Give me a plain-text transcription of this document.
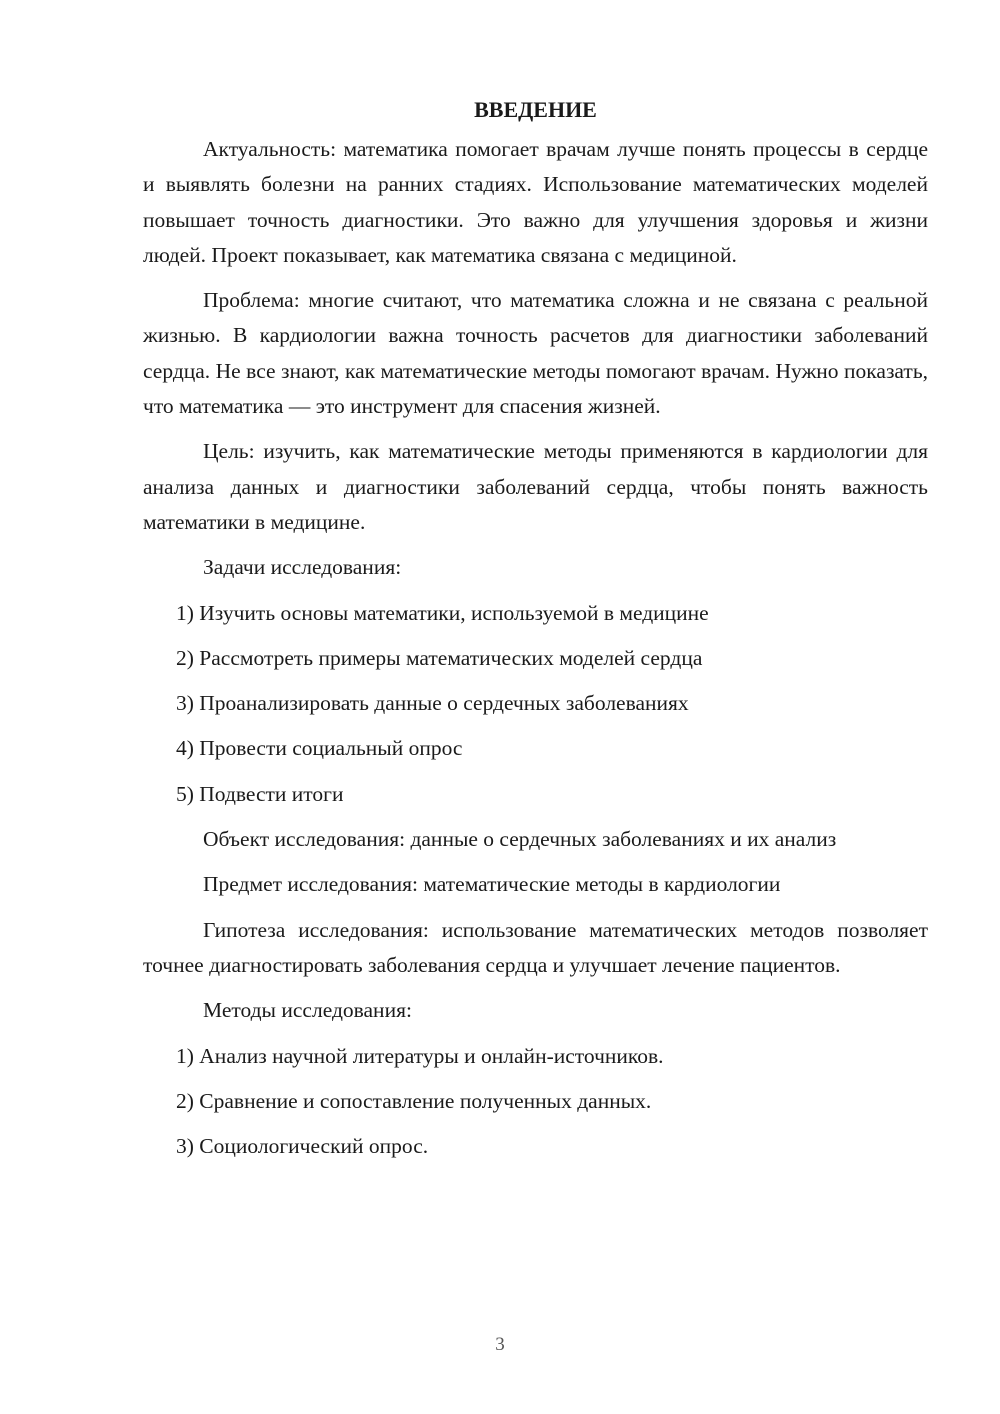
ВВЕДЕНИЕ

Актуальность: математика помогает врачам лучше понять процессы в сердце и выявлять болезни на ранних стадиях. Использование математических моделей повышает точность диагностики. Это важно для улучшения здоровья и жизни людей. Проект показывает, как математика связана с медициной.

Проблема: многие считают, что математика сложна и не связана с реальной жизнью. В кардиологии важна точность расчетов для диагностики заболеваний сердца. Не все знают, как математические методы помогают врачам. Нужно показать, что математика — это инструмент для спасения жизней.

Цель: изучить, как математические методы применяются в кардиологии для анализа данных и диагностики заболеваний сердца, чтобы понять важность математики в медицине.

Задачи исследования:

1) Изучить основы математики, используемой в медицине
2) Рассмотреть примеры математических моделей сердца
3) Проанализировать данные о сердечных заболеваниях
4) Провести социальный опрос
5) Подвести итоги

Объект исследования: данные о сердечных заболеваниях и их анализ

Предмет исследования: математические методы в кардиологии

Гипотеза исследования: использование математических методов позволяет точнее диагностировать заболевания сердца и улучшает лечение пациентов.

Методы исследования:

1) Анализ научной литературы и онлайн-источников.
2) Сравнение и сопоставление полученных данных.
3) Социологический опрос.
3
